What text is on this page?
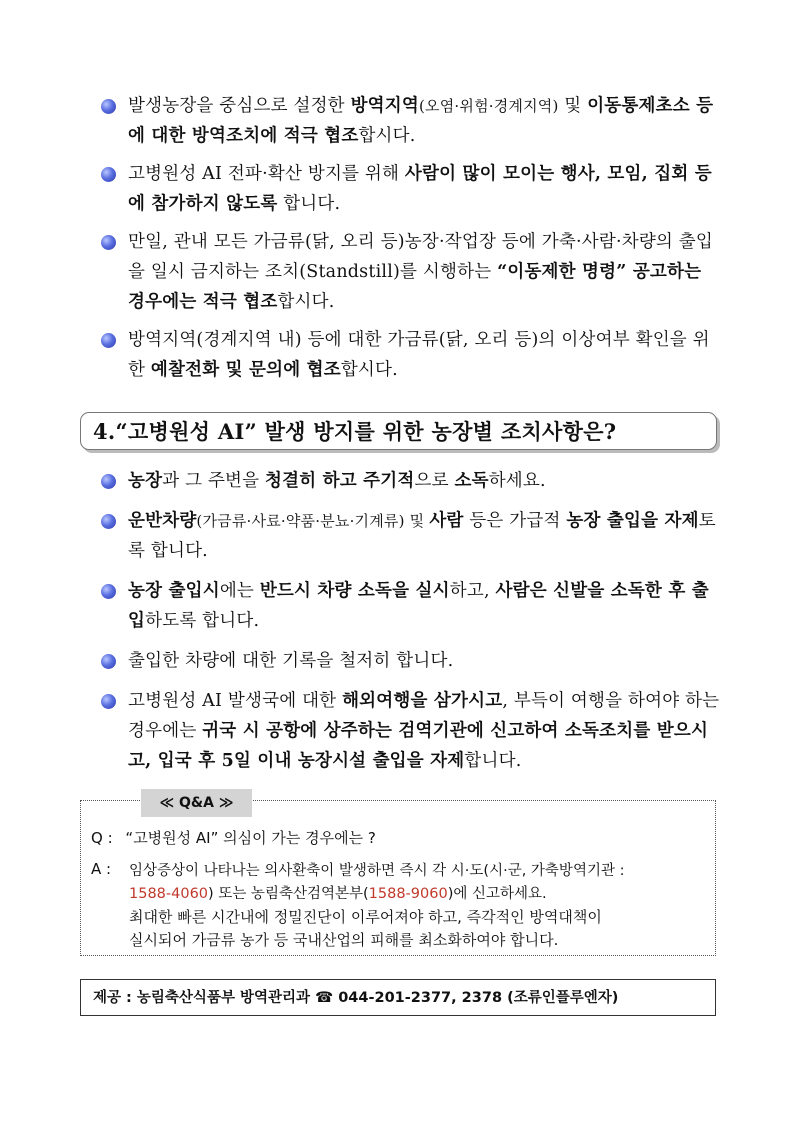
발생농장을 중심으로 설정한 방역지역(오염·위험·경계지역) 및 이동통제초소 등에 대한 방역조치에 적극 협조합시다.
고병원성 AI 전파·확산 방지를 위해 사람이 많이 모이는 행사, 모임, 집회 등에 참가하지 않도록 합니다.
만일, 관내 모든 가금류(닭, 오리 등)농장·작업장 등에 가축·사람·차량의 출입을 일시 금지하는 조치(Standstill)를 시행하는 “이동제한 명령” 공고하는 경우에는 적극 협조합시다.
방역지역(경계지역 내) 등에 대한 가금류(닭, 오리 등)의 이상여부 확인을 위한 예찰전화 및 문의에 협조합시다.
4.“고병원성 AI” 발생 방지를 위한 농장별 조치사항은?
농장과 그 주변을 청결히 하고 주기적으로 소독하세요.
운반차량(가금류·사료·약품·분뇨·기계류) 및 사람 등은 가급적 농장 출입을 자제토록 합니다.
농장 출입시에는 반드시 차량 소독을 실시하고, 사람은 신발을 소독한 후 출입하도록 합니다.
출입한 차량에 대한 기록을 철저히 합니다.
고병원성 AI 발생국에 대한 해외여행을 삼가시고, 부득이 여행을 하여야 하는 경우에는 귀국 시 공항에 상주하는 검역기관에 신고하여 소독조치를 받으시고, 입국 후 5일 이내 농장시설 출입을 자제합니다.
Q : “고병원성 AI” 의심이 가는 경우에는 ?
A : 임상증상이 나타나는 의사환축이 발생하면 즉시 각 시·도(시·군, 가축방역기관 :
1588-4060) 또는 농림축산검역본부(1588-9060)에 신고하세요.
최대한 빠른 시간내에 정밀진단이 이루어져야 하고, 즉각적인 방역대책이
실시되어 가금류 농가 등 국내산업의 피해를 최소화하여야 합니다.
≪ Q&A ≫
제공 : 농림축산식품부 방역관리과 ☎ 044-201-2377, 2378 (조류인플루엔자)
